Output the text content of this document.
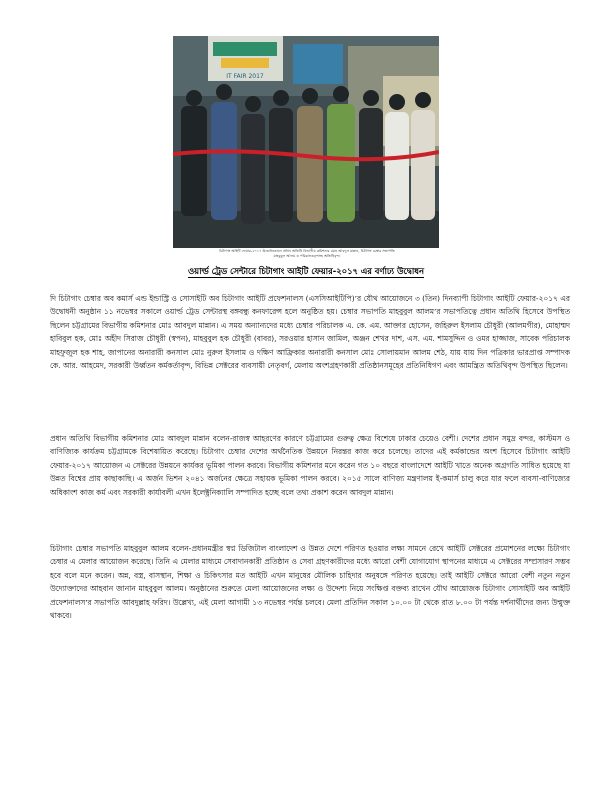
IT FAIR 2017
চিটাগাং আইটি ফেয়ার-২০১৭ উদ্বোধনকালে প্রধান অতিথি বিভাগীয় কমিশনার মোঃ আবদুল মান্নান, চিটাগাং চেম্বার সভাপতি মাহবুবুল আলম ও পরিচালকবৃন্দসহ অতিথিবৃন্দ।
ওয়ার্ল্ড ট্রেড সেন্টারে চিটাগাং আইটি ফেয়ার-২০১৭ এর বর্ণাঢ্য উদ্বোধন

দি চিটাগাং চেম্বার অব কমার্স এন্ড ইন্ডাস্ট্রি ও সোসাইটি অব চিটাগাং আইটি প্রফেশনালস (এসসিআইটিপি)’র যৌথ আয়োজনে ৩ (তিন) দিনব্যাপী চিটাগাং আইটি ফেয়ার-২০১৭ এর উদ্বোধনী অনুষ্ঠান ১১ নভেম্বর সকালে ওয়ার্ল্ড ট্রেড সেন্টারস্থ বঙ্গবন্ধু কনফারেন্স হলে অনুষ্ঠিত হয়। চেম্বার সভাপতি মাহবুবুল আলম’র সভাপতিত্বে প্রধান অতিথি হিসেবে উপস্থিত ছিলেন চট্টগ্রামের বিভাগীয় কমিশনার মোঃ আবদুল মান্নান। এ সময় অন্যান্যদের মধ্যে চেম্বার পরিচালক এ. কে. এম. আক্তার হোসেন, জহিরুল ইসলাম চৌধুরী (আলমগীর), মোহাম্মদ হাবিবুল হক, মোঃ অহীদ সিরাজ চৌধুরী (স্বপন), মাহবুবুল হক চৌধুরী (বাবর), সরওয়ার হাসান জামিল, অঞ্জন শেখর দাশ, এস. এম. শামসুদ্দিন ও ওমর হাজ্জাজ, সাবেক পরিচালক মাহফুজুল হক শাহ, জাপানের অনারারী কনসাল মোঃ নুরুল ইসলাম ও দক্ষিণ আফ্রিকার অনারারী কনসাল মোঃ সোলায়মান আলম শেঠ, যায় যায় দিন পত্রিকার ভারপ্রাপ্ত সম্পাদক কে. আর. আহমেদ, সরকারী উর্ধ্বতন কর্মকর্তাবৃন্দ, বিভিন্ন সেক্টরের ব্যবসায়ী নেতৃবর্গ, মেলায় অংশগ্রহণকারী প্রতিষ্ঠানসমূহের প্রতিনিধিগণ এবং আমন্ত্রিত অতিথিবৃন্দ উপস্থিত ছিলেন।

প্রধান অতিথি বিভাগীয় কমিশনার মোঃ আবদুল মান্নান বলেন-রাজস্ব আহরণের কারণে চট্টগ্রামের গুরুত্ব ক্ষেত্র বিশেষে ঢাকার চেয়েও বেশী। দেশের প্রধান সমুদ্র বন্দর, কাস্টমস ও বাণিজ্যিক কার্যক্রম চট্টগ্রামকে বিশেষায়িত করেছে। চিটাগাং চেম্বার দেশের অর্থনৈতিক উন্নয়নে নিরন্তর কাজ করে চলেছে। তাদের এই কর্মকান্ডের অংশ হিসেবে চিটাগাং আইটি ফেয়ার-২০১৭ আয়োজন এ সেক্টরের উন্নয়নে কার্যকর ভূমিকা পালন করবে। বিভাগীয় কমিশনার মনে করেন গত ১০ বছরে বাংলাদেশে আইটি খাতে অনেক অগ্রগতি সাধিত হয়েছে যা উন্নত বিশ্বের প্রায় কাছাকাছি। এ অর্জন ভিশন ২০৪১ অর্জনের ক্ষেত্রে সহায়ক ভূমিকা পালন করবে। ২০১৫ সালে বাণিজ্য মন্ত্রণালয় ই-কমার্স চালু করে যার ফলে ব্যবসা-বাণিজ্যের অধিকাংশ কাজ কর্ম এবং সরকারী কার্যাবলী এখন ইলেক্ট্রনিক্যালি সম্পাদিত হচ্ছে বলে তথ্য প্রকাশ করেন আবদুল মান্নান।

চিটাগাং চেম্বার সভাপতি মাহবুবুল আলম বলেন-প্রধানমন্ত্রীর স্বপ্ন ডিজিটাল বাংলাদেশ ও উন্নত দেশে পরিণত হওয়ার লক্ষ্য সামনে রেখে আইটি সেক্টরের প্রমোশনের লক্ষ্যে চিটাগাং চেম্বার এ মেলার আয়োজন করেছে। তিনি এ মেলার মাধ্যমে সেবাদানকারী প্রতিষ্ঠান ও সেবা গ্রহণকারীদের মধ্যে আরো বেশী যোগাযোগ স্থাপনের মাধ্যমে এ সেক্টরের সম্প্রসারণ সম্ভব হবে বলে মনে করেন। অন্ন, বস্ত্র, বাসস্থান, শিক্ষা ও চিকিৎসার মত আইটি এখন মানুষের মৌলিক চাহিদার অনুষঙ্গে পরিণত হয়েছে। তাই আইটি সেক্টরে আরো বেশী নতুন নতুন উদ্যোক্তাদের আহবান জানান মাহবুবুল আলম। অনুষ্ঠানের শুরুতে মেলা আয়োজনের লক্ষ্য ও উদ্দেশ্য নিয়ে সংক্ষিপ্ত বক্তব্য রাখেন যৌথ আয়োজক চিটাগাং সোসাইটি অব আইটি প্রফেশনালস’র সভাপতি আবদুল্লাহ ফরিদ। উল্লেখ্য, এই মেলা আগামী ১৩ নভেম্বর পর্যন্ত চলবে। মেলা প্রতিদিন সকাল ১০.০০ টা থেকে রাত ৮.০০ টা পর্যন্ত দর্শনার্থীদের জন্য উন্মুক্ত থাকবে।
